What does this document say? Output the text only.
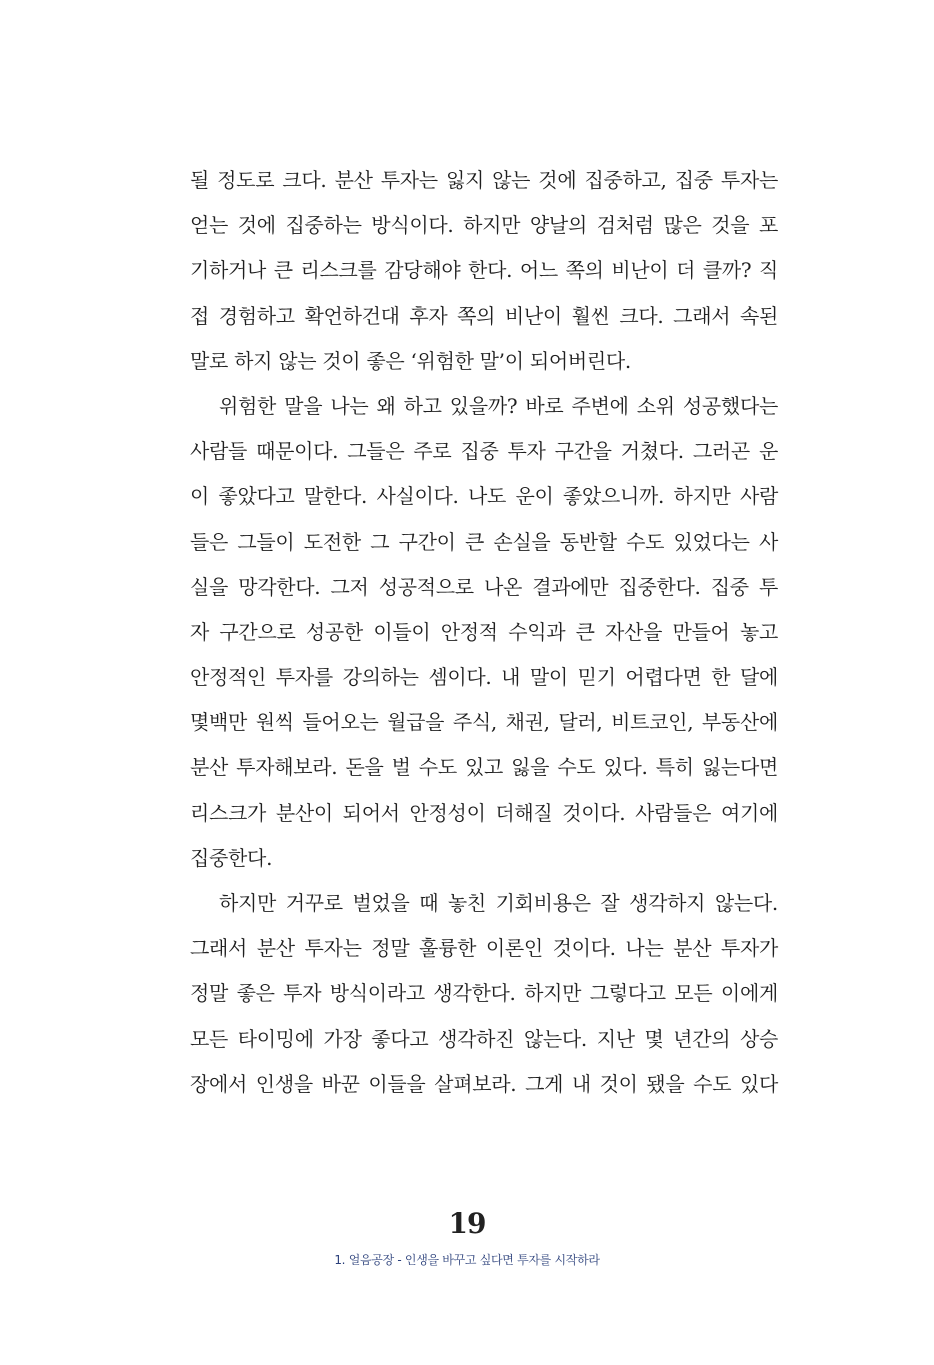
될 정도로 크다. 분산 투자는 잃지 않는 것에 집중하고, 집중 투자는
얻는 것에 집중하는 방식이다. 하지만 양날의 검처럼 많은 것을 포
기하거나 큰 리스크를 감당해야 한다. 어느 쪽의 비난이 더 클까? 직
접 경험하고 확언하건대 후자 쪽의 비난이 훨씬 크다. 그래서 속된
말로 하지 않는 것이 좋은 ‘위험한 말’이 되어버린다.
위험한 말을 나는 왜 하고 있을까? 바로 주변에 소위 성공했다는
사람들 때문이다. 그들은 주로 집중 투자 구간을 거쳤다. 그러곤 운
이 좋았다고 말한다. 사실이다. 나도 운이 좋았으니까. 하지만 사람
들은 그들이 도전한 그 구간이 큰 손실을 동반할 수도 있었다는 사
실을 망각한다. 그저 성공적으로 나온 결과에만 집중한다. 집중 투
자 구간으로 성공한 이들이 안정적 수익과 큰 자산을 만들어 놓고
안정적인 투자를 강의하는 셈이다. 내 말이 믿기 어렵다면 한 달에
몇백만 원씩 들어오는 월급을 주식, 채권, 달러, 비트코인, 부동산에
분산 투자해보라. 돈을 벌 수도 있고 잃을 수도 있다. 특히 잃는다면
리스크가 분산이 되어서 안정성이 더해질 것이다. 사람들은 여기에
집중한다.
하지만 거꾸로 벌었을 때 놓친 기회비용은 잘 생각하지 않는다.
그래서 분산 투자는 정말 훌륭한 이론인 것이다. 나는 분산 투자가
정말 좋은 투자 방식이라고 생각한다. 하지만 그렇다고 모든 이에게
모든 타이밍에 가장 좋다고 생각하진 않는다. 지난 몇 년간의 상승
장에서 인생을 바꾼 이들을 살펴보라. 그게 내 것이 됐을 수도 있다
19
1. 얼음공장 - 인생을 바꾸고 싶다면 투자를 시작하라
